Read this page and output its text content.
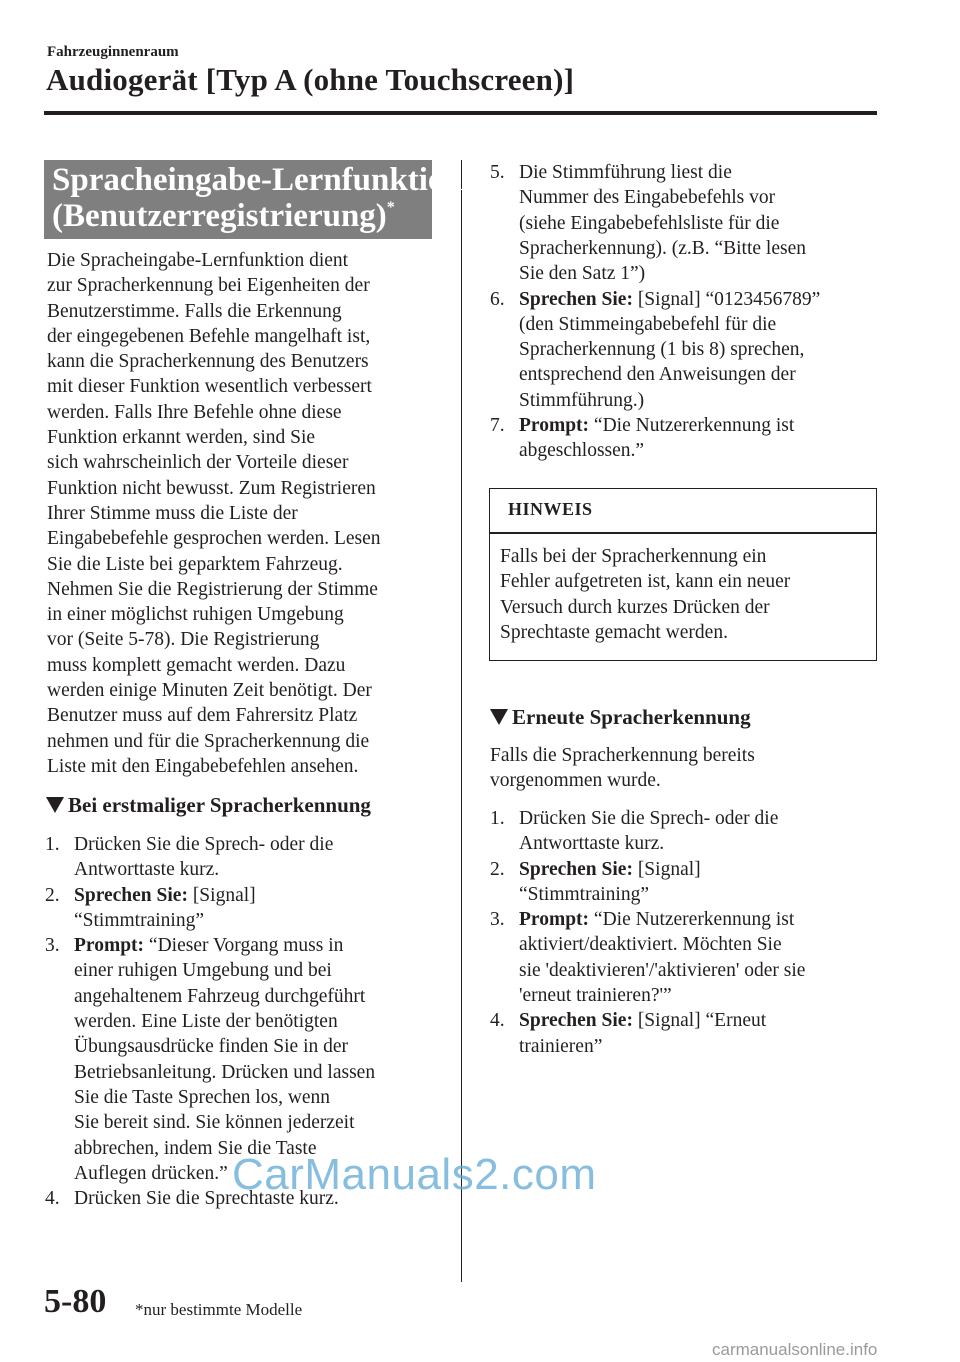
Fahrzeuginnenraum
Audiogerät [Typ A (ohne Touchscreen)]
Spracheingabe-Lernfunktion
(Benutzerregistrierung)*
Die Spracheingabe-Lernfunktion dient
zur Spracherkennung bei Eigenheiten der
Benutzerstimme. Falls die Erkennung
der eingegebenen Befehle mangelhaft ist,
kann die Spracherkennung des Benutzers
mit dieser Funktion wesentlich verbessert
werden. Falls Ihre Befehle ohne diese
Funktion erkannt werden, sind Sie
sich wahrscheinlich der Vorteile dieser
Funktion nicht bewusst. Zum Registrieren
Ihrer Stimme muss die Liste der
Eingabebefehle gesprochen werden. Lesen
Sie die Liste bei geparktem Fahrzeug.
Nehmen Sie die Registrierung der Stimme
in einer möglichst ruhigen Umgebung
vor (Seite 5-78). Die Registrierung
muss komplett gemacht werden. Dazu
werden einige Minuten Zeit benötigt. Der
Benutzer muss auf dem Fahrersitz Platz
nehmen und für die Spracherkennung die
Liste mit den Eingabebefehlen ansehen.
Bei erstmaliger Spracherkennung
1. Drücken Sie die Sprech- oder die
Antworttaste kurz.
2. Sprechen Sie: [Signal]
“Stimmtraining”
3. Prompt: “Dieser Vorgang muss in
einer ruhigen Umgebung und bei
angehaltenem Fahrzeug durchgeführt
werden. Eine Liste der benötigten
Übungsausdrücke finden Sie in der
Betriebsanleitung. Drücken und lassen
Sie die Taste Sprechen los, wenn
Sie bereit sind. Sie können jederzeit
abbrechen, indem Sie die Taste
Auflegen drücken.”
4. Drücken Sie die Sprechtaste kurz.
5. Die Stimmführung liest die
Nummer des Eingabebefehls vor
(siehe Eingabebefehlsliste für die
Spracherkennung). (z.B. “Bitte lesen
Sie den Satz 1”)
6. Sprechen Sie: [Signal] “0123456789”
(den Stimmeingabebefehl für die
Spracherkennung (1 bis 8) sprechen,
entsprechend den Anweisungen der
Stimmführung.)
7. Prompt: “Die Nutzererkennung ist
abgeschlossen.”
HINWEIS
Falls bei der Spracherkennung ein
Fehler aufgetreten ist, kann ein neuer
Versuch durch kurzes Drücken der
Sprechtaste gemacht werden.
Erneute Spracherkennung
Falls die Spracherkennung bereits
vorgenommen wurde.
1. Drücken Sie die Sprech- oder die
Antworttaste kurz.
2. Sprechen Sie: [Signal]
“Stimmtraining”
3. Prompt: “Die Nutzererkennung ist
aktiviert/deaktiviert. Möchten Sie
sie 'deaktivieren'/'aktivieren' oder sie
'erneut trainieren?'”
4. Sprechen Sie: [Signal] “Erneut
trainieren”
CarManuals2.com
5-80 *nur bestimmte Modelle
carmanualsonline.info
